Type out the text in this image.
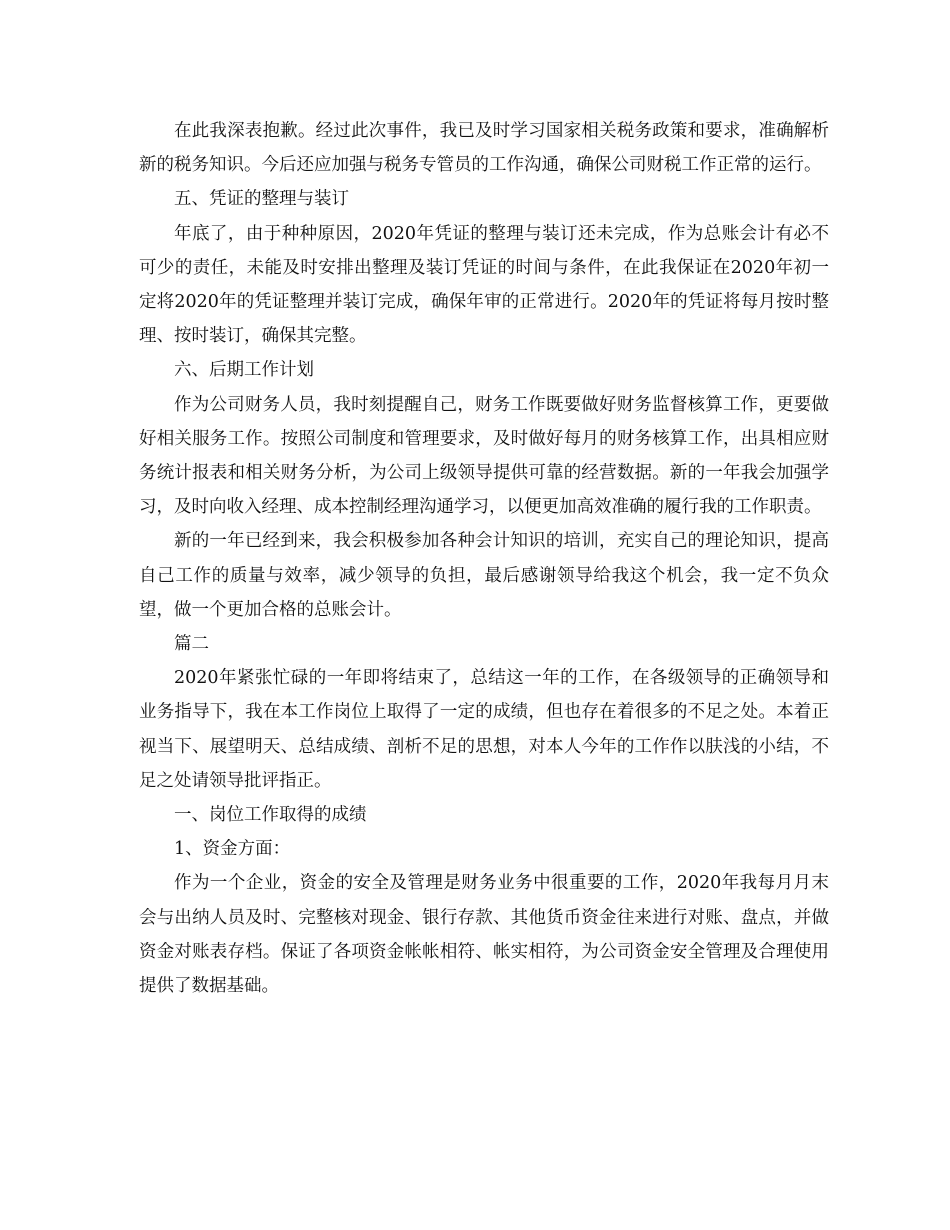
在此我深表抱歉。经过此次事件，我已及时学习国家相关税务政策和要求，准确解析新的税务知识。今后还应加强与税务专管员的工作沟通，确保公司财税工作正常的运行。

五、凭证的整理与装订

年底了，由于种种原因，2020年凭证的整理与装订还未完成，作为总账会计有必不可少的责任，未能及时安排出整理及装订凭证的时间与条件，在此我保证在2020年初一定将2020年的凭证整理并装订完成，确保年审的正常进行。2020年的凭证将每月按时整理、按时装订，确保其完整。

六、后期工作计划

作为公司财务人员，我时刻提醒自己，财务工作既要做好财务监督核算工作，更要做好相关服务工作。按照公司制度和管理要求，及时做好每月的财务核算工作，出具相应财务统计报表和相关财务分析，为公司上级领导提供可靠的经营数据。新的一年我会加强学习，及时向收入经理、成本控制经理沟通学习，以便更加高效准确的履行我的工作职责。

新的一年已经到来，我会积极参加各种会计知识的培训，充实自己的理论知识，提高自己工作的质量与效率，减少领导的负担，最后感谢领导给我这个机会，我一定不负众望，做一个更加合格的总账会计。

篇二

2020年紧张忙碌的一年即将结束了，总结这一年的工作，在各级领导的正确领导和业务指导下，我在本工作岗位上取得了一定的成绩，但也存在着很多的不足之处。本着正视当下、展望明天、总结成绩、剖析不足的思想，对本人今年的工作作以肤浅的小结，不足之处请领导批评指正。

一、岗位工作取得的成绩

1、资金方面：

作为一个企业，资金的安全及管理是财务业务中很重要的工作，2020年我每月月末会与出纳人员及时、完整核对现金、银行存款、其他货币资金往来进行对账、盘点，并做资金对账表存档。保证了各项资金帐帐相符、帐实相符，为公司资金安全管理及合理使用提供了数据基础。
